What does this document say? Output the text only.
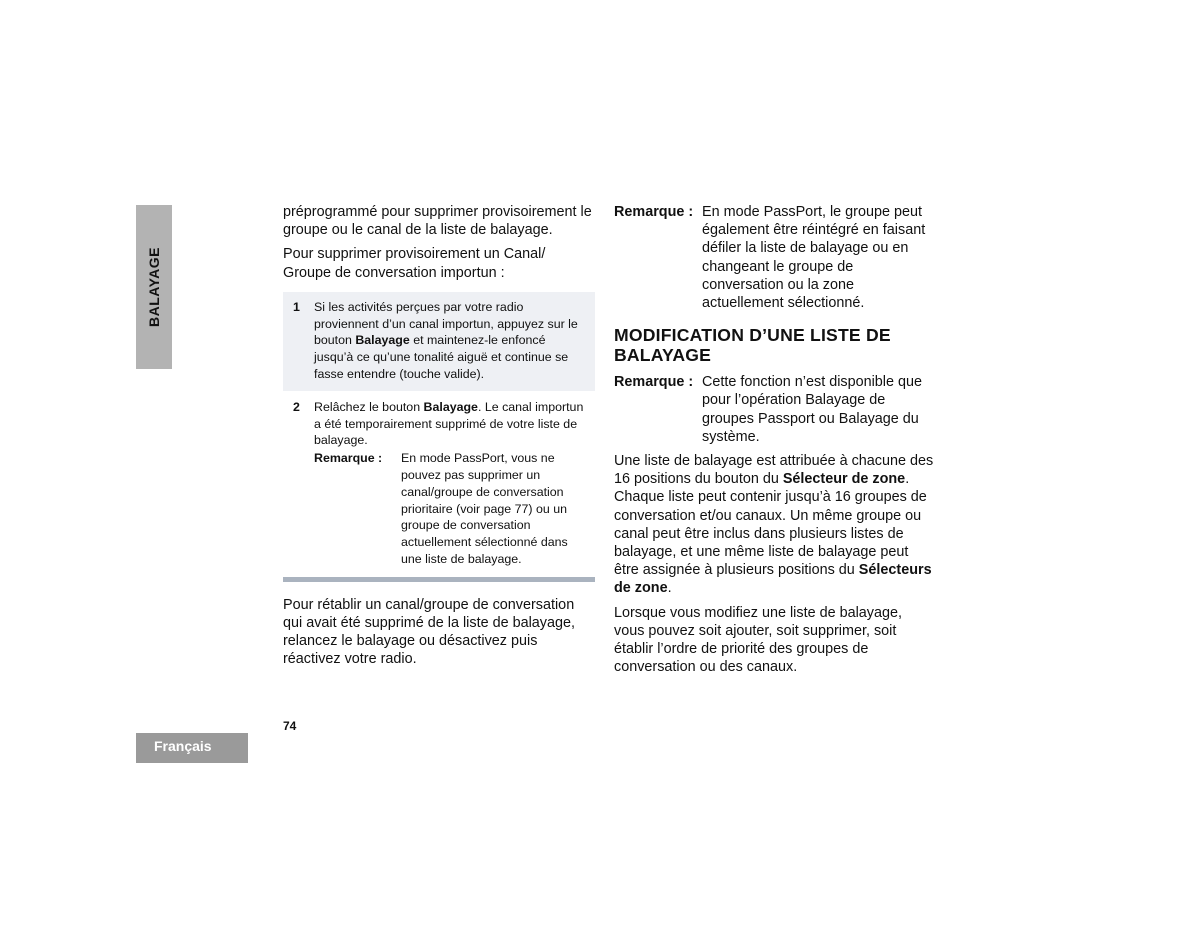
BALAYAGE

préprogrammé pour supprimer provisoirement le groupe ou le canal de la liste de balayage.

Pour supprimer provisoirement un Canal/ Groupe de conversation importun :

1	Si les activités perçues par votre radio proviennent d’un canal importun, appuyez sur le bouton Balayage et maintenez-le enfoncé jusqu’à ce qu’une tonalité aiguë et continue se fasse entendre (touche valide).
2	Relâchez le bouton Balayage. Le canal importun a été temporairement supprimé de votre liste de balayage.
Remarque :	En mode PassPort, vous ne pouvez pas supprimer un canal/groupe de conversation prioritaire (voir page 77) ou un groupe de conversation actuellement sélectionné dans une liste de balayage.

Pour rétablir un canal/groupe de conversation qui avait été supprimé de la liste de balayage, relancez le balayage ou désactivez puis réactivez votre radio.

Remarque : En mode PassPort, le groupe peut également être réintégré en faisant défiler la liste de balayage ou en changeant le groupe de conversation ou la zone actuellement sélectionné.
MODIFICATION D’UNE LISTE DE BALAYAGE
Remarque : Cette fonction n’est disponible que pour l’opération Balayage de groupes Passport ou Balayage du système.

Une liste de balayage est attribuée à chacune des 16 positions du bouton du Sélecteur de zone. Chaque liste peut contenir jusqu’à 16 groupes de conversation et/ou canaux. Un même groupe ou canal peut être inclus dans plusieurs listes de balayage, et une même liste de balayage peut être assignée à plusieurs positions du Sélecteurs de zone.

Lorsque vous modifiez une liste de balayage, vous pouvez soit ajouter, soit supprimer, soit établir l’ordre de priorité des groupes de conversation ou des canaux.

74
Français
